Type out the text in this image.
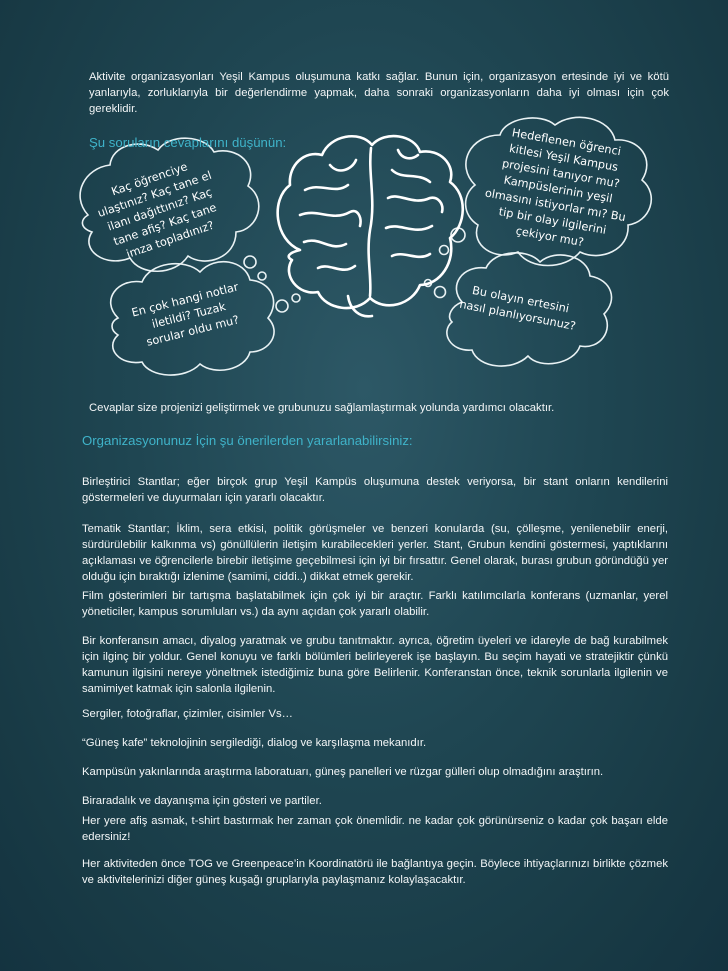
Aktivite organizasyonları Yeşil Kampus oluşumuna katkı sağlar. Bunun için, organizasyon ertesinde iyi ve kötü yanlarıyla, zorluklarıyla bir değerlendirme yapmak, daha sonraki organizasyonların daha iyi olması için çok gereklidir.

Şu soruların cevaplarını düşünün:
Kaç öğrenciye
ulaştınız? Kaç tane el
ilanı dağıttınız? Kaç
tane afiş? Kaç tane
imza topladınız?
Hedeflenen öğrenci
kitlesi Yeşil Kampus
projesini tanıyor mu?
Kampüslerinin yeşil
olmasını istiyorlar mı? Bu
tip bir olay ilgilerini
çekiyor mu?
En çok hangi notlar
iletildi? Tuzak
sorular oldu mu?
Bu olayın ertesini
nasıl planlıyorsunuz?

Cevaplar size projenizi geliştirmek ve grubunuzu sağlamlaştırmak yolunda yardımcı olacaktır.

Organizasyonunuz İçin şu önerilerden yararlanabilirsiniz:

Birleştirici Stantlar; eğer birçok grup Yeşil Kampüs oluşumuna destek veriyorsa, bir stant onların kendilerini göstermeleri ve duyurmaları için yararlı olacaktır.

Tematik Stantlar; İklim, sera etkisi, politik görüşmeler ve benzeri konularda (su, çölleşme, yenilenebilir enerji, sürdürülebilir kalkınma vs) gönüllülerin iletişim kurabilecekleri yerler. Stant, Grubun kendini göstermesi, yaptıklarını açıklaması ve öğrencilerle birebir iletişime geçebilmesi için iyi bir fırsattır. Genel olarak, burası grubun göründüğü yer olduğu için bıraktığı izlenime (samimi, ciddi..) dikkat etmek gerekir.

Film gösterimleri bir tartışma başlatabilmek için çok iyi bir araçtır. Farklı katılımcılarla konferans (uzmanlar, yerel yöneticiler, kampus sorumluları vs.) da aynı açıdan çok yararlı olabilir.

Bir konferansın amacı, diyalog yaratmak ve grubu tanıtmaktır. ayrıca, öğretim üyeleri ve idareyle de bağ kurabilmek için ilginç bir yoldur. Genel konuyu ve farklı bölümleri belirleyerek işe başlayın. Bu seçim hayati ve stratejiktir çünkü kamunun ilgisini nereye yöneltmek istediğimiz buna göre Belirlenir. Konferanstan önce, teknik sorunlarla ilgilenin ve samimiyet katmak için salonla ilgilenin.

Sergiler, fotoğraflar, çizimler, cisimler Vs…

“Güneş kafe” teknolojinin sergilediği, dialog ve karşılaşma mekanıdır.

Kampüsün yakınlarında araştırma laboratuarı, güneş panelleri ve rüzgar gülleri olup olmadığını araştırın.

Biraradalık ve dayanışma için gösteri ve partiler.

Her yere afiş asmak, t-shirt bastırmak her zaman çok önemlidir. ne kadar çok görünürseniz o kadar çok başarı elde edersiniz!

Her aktiviteden önce TOG ve Greenpeace’in Koordinatörü ile bağlantıya geçin. Böylece ihtiyaçlarınızı birlikte çözmek ve aktivitelerinizi diğer güneş kuşağı gruplarıyla paylaşmanız kolaylaşacaktır.
